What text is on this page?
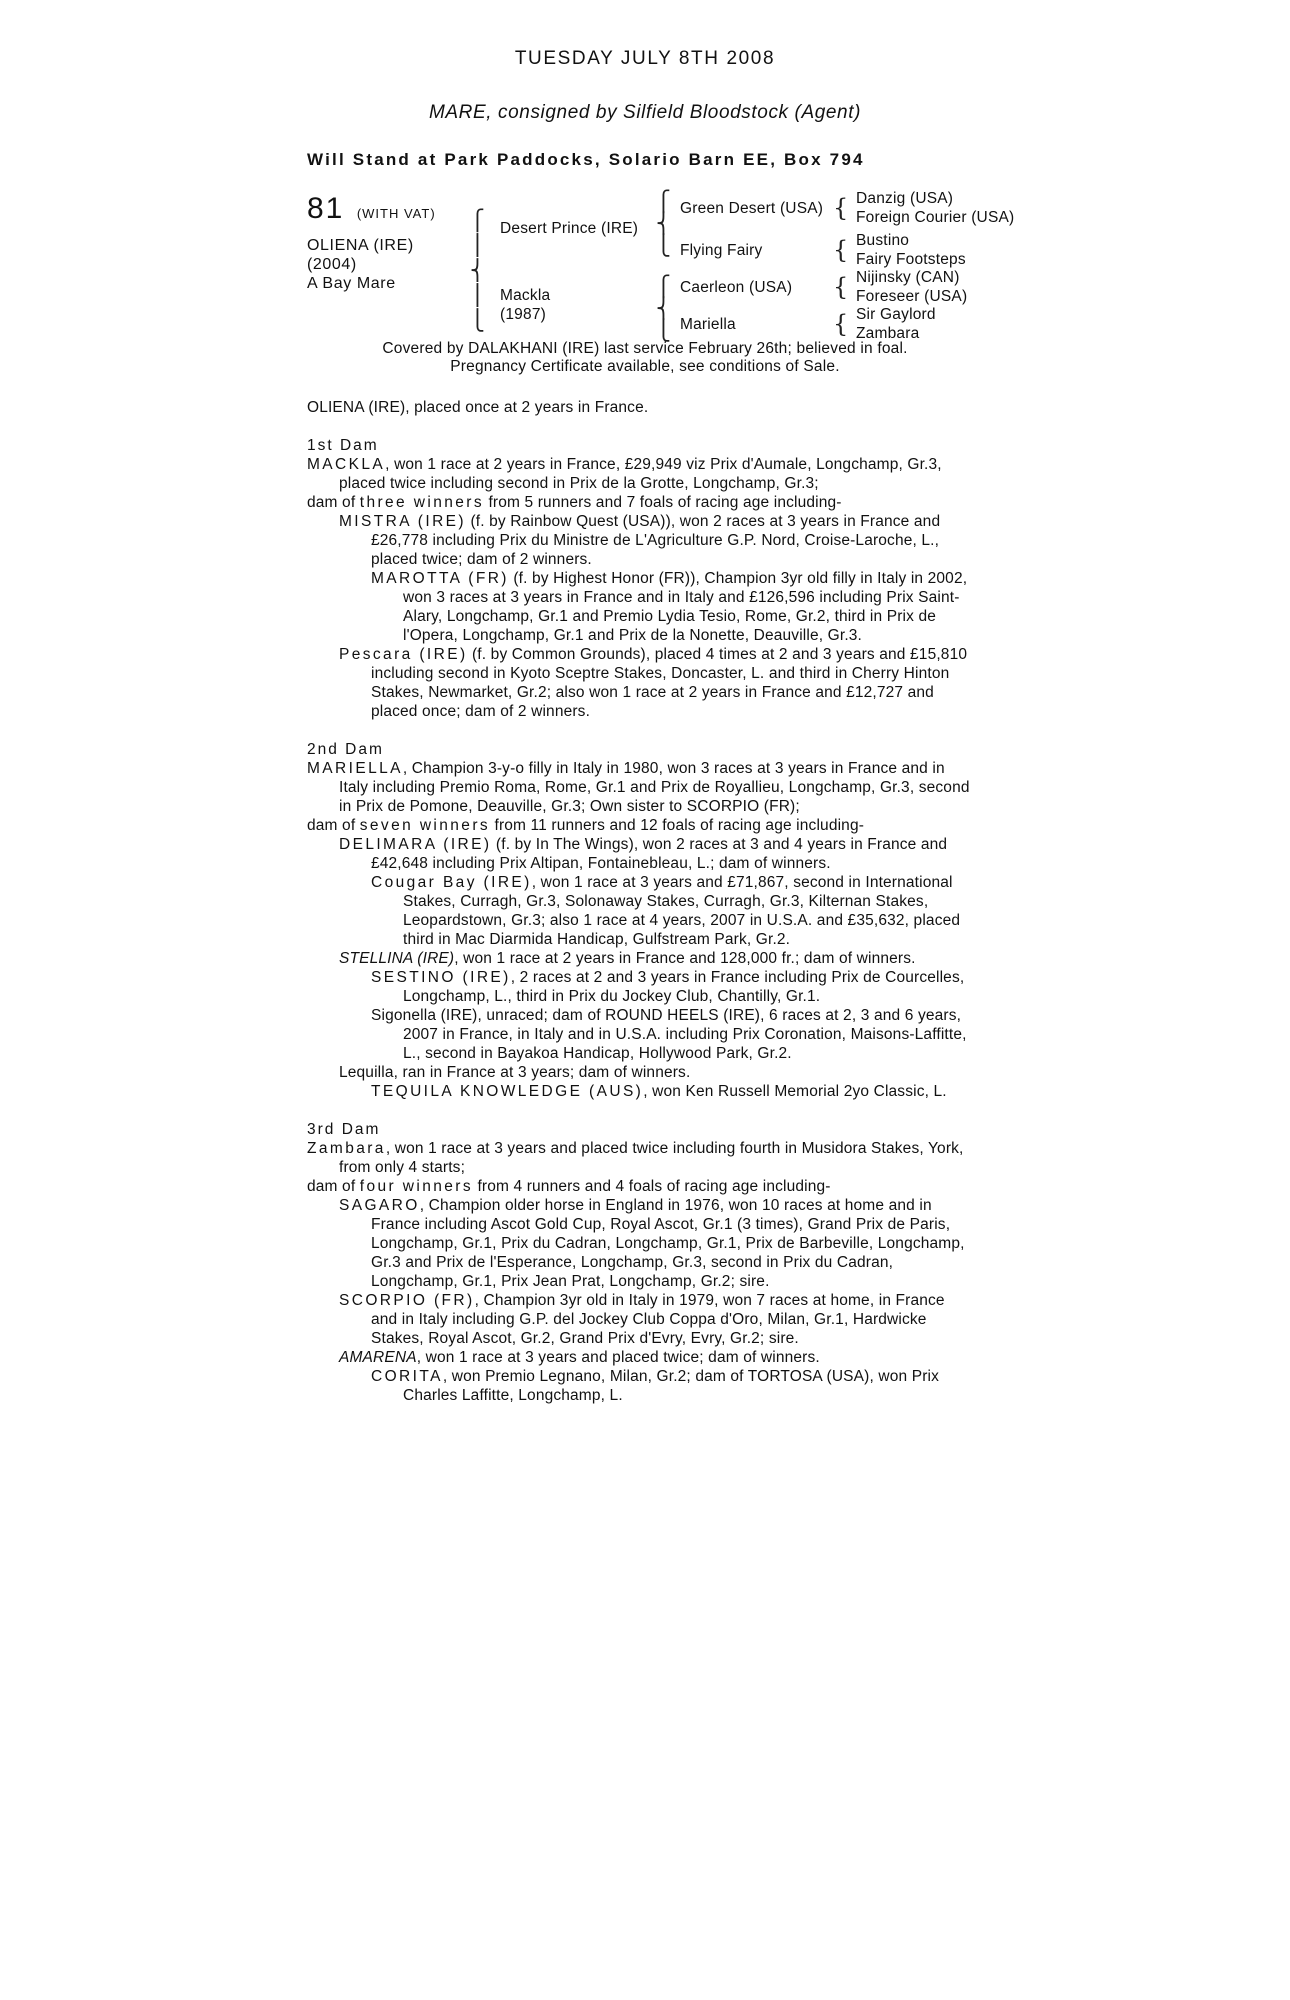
TUESDAY JULY 8TH 2008
MARE, consigned by Silfield Bloodstock (Agent)
Will Stand at Park Paddocks, Solario Barn EE, Box 794
81 (WITH VAT)
OLIENA (IRE)
(2004)
A Bay Mare
⎧
⎪
⎨
⎪
⎩
Desert Prince (IRE)
Mackla
(1987)
⎧
⎨
⎩
Green Desert (USA)
Flying Fairy
⎧
⎨
⎩
Caerleon (USA)
Mariella
{ Danzig (USA)
Foreign Courier (USA)
{ Bustino
Fairy Footsteps
{ Nijinsky (CAN)
Foreseer (USA)
{ Sir Gaylord
Zambara
Covered by DALAKHANI (IRE) last service February 26th; believed in foal.
Pregnancy Certificate available, see conditions of Sale.

OLIENA (IRE), placed once at 2 years in France.

1st Dam

MACKLA, won 1 race at 2 years in France, £29,949 viz Prix d'Aumale, Longchamp, Gr.3, placed twice including second in Prix de la Grotte, Longchamp, Gr.3;

dam of three winners from 5 runners and 7 foals of racing age including-

MISTRA (IRE) (f. by Rainbow Quest (USA)), won 2 races at 3 years in France and £26,778 including Prix du Ministre de L'Agriculture G.P. Nord, Croise-Laroche, L., placed twice; dam of 2 winners.

MAROTTA (FR) (f. by Highest Honor (FR)), Champion 3yr old filly in Italy in 2002, won 3 races at 3 years in France and in Italy and £126,596 including Prix Saint-Alary, Longchamp, Gr.1 and Premio Lydia Tesio, Rome, Gr.2, third in Prix de l'Opera, Longchamp, Gr.1 and Prix de la Nonette, Deauville, Gr.3.

Pescara (IRE) (f. by Common Grounds), placed 4 times at 2 and 3 years and £15,810 including second in Kyoto Sceptre Stakes, Doncaster, L. and third in Cherry Hinton Stakes, Newmarket, Gr.2; also won 1 race at 2 years in France and £12,727 and placed once; dam of 2 winners.

2nd Dam

MARIELLA, Champion 3-y-o filly in Italy in 1980, won 3 races at 3 years in France and in Italy including Premio Roma, Rome, Gr.1 and Prix de Royallieu, Longchamp, Gr.3, second in Prix de Pomone, Deauville, Gr.3; Own sister to SCORPIO (FR);

dam of seven winners from 11 runners and 12 foals of racing age including-

DELIMARA (IRE) (f. by In The Wings), won 2 races at 3 and 4 years in France and £42,648 including Prix Altipan, Fontainebleau, L.; dam of winners.

Cougar Bay (IRE), won 1 race at 3 years and £71,867, second in International Stakes, Curragh, Gr.3, Solonaway Stakes, Curragh, Gr.3, Kilternan Stakes, Leopardstown, Gr.3; also 1 race at 4 years, 2007 in U.S.A. and £35,632, placed third in Mac Diarmida Handicap, Gulfstream Park, Gr.2.

STELLINA (IRE), won 1 race at 2 years in France and 128,000 fr.; dam of winners.

SESTINO (IRE), 2 races at 2 and 3 years in France including Prix de Courcelles, Longchamp, L., third in Prix du Jockey Club, Chantilly, Gr.1.

Sigonella (IRE), unraced; dam of ROUND HEELS (IRE), 6 races at 2, 3 and 6 years, 2007 in France, in Italy and in U.S.A. including Prix Coronation, Maisons-Laffitte, L., second in Bayakoa Handicap, Hollywood Park, Gr.2.

Lequilla, ran in France at 3 years; dam of winners.

TEQUILA KNOWLEDGE (AUS), won Ken Russell Memorial 2yo Classic, L.

3rd Dam

Zambara, won 1 race at 3 years and placed twice including fourth in Musidora Stakes, York, from only 4 starts;

dam of four winners from 4 runners and 4 foals of racing age including-

SAGARO, Champion older horse in England in 1976, won 10 races at home and in France including Ascot Gold Cup, Royal Ascot, Gr.1 (3 times), Grand Prix de Paris, Longchamp, Gr.1, Prix du Cadran, Longchamp, Gr.1, Prix de Barbeville, Longchamp, Gr.3 and Prix de l'Esperance, Longchamp, Gr.3, second in Prix du Cadran, Longchamp, Gr.1, Prix Jean Prat, Longchamp, Gr.2; sire.

SCORPIO (FR), Champion 3yr old in Italy in 1979, won 7 races at home, in France and in Italy including G.P. del Jockey Club Coppa d'Oro, Milan, Gr.1, Hardwicke Stakes, Royal Ascot, Gr.2, Grand Prix d'Evry, Evry, Gr.2; sire.

AMARENA, won 1 race at 3 years and placed twice; dam of winners.

CORITA, won Premio Legnano, Milan, Gr.2; dam of TORTOSA (USA), won Prix Charles Laffitte, Longchamp, L.
